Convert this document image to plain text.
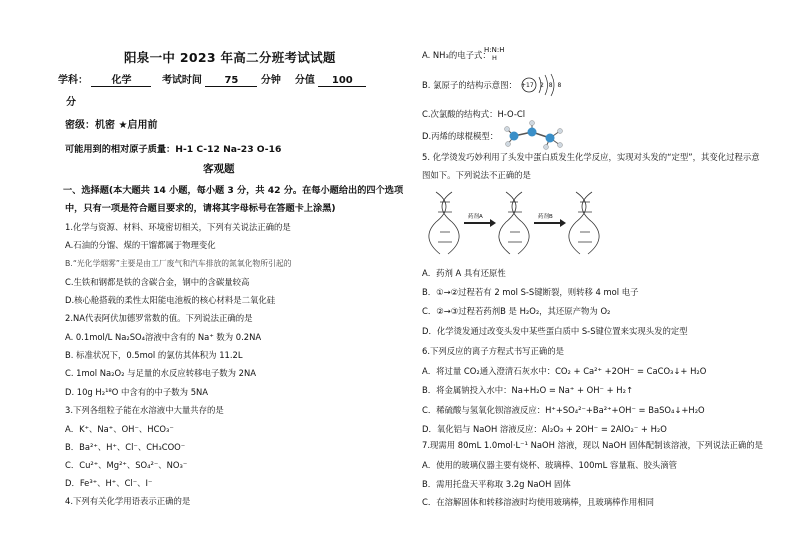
阳泉一中 2023 年高二分班考试试题
学科： 化学	考试时间 75 分钟 分值 100
分
密级：机密 ★启用前
可能用到的相对原子质量：H-1 C-12 Na-23 O-16
客观题
一、选择题(本大题共 14 小题，每小题 3 分，共 42 分。在每小题给出的四个选项
中，只有一项是符合题目要求的，请将其字母标号在答题卡上涂黑)
1.化学与资源、材料、环境密切相关，下列有关说法正确的是
A.石油的分馏、煤的干馏都属于物理变化
B.“光化学烟雾”主要是由工厂废气和汽车排放的氮氧化物所引起的
C.生铁和钢都是铁的含碳合金，钢中的含碳量较高
D.核心舱搭载的柔性太阳能电池板的核心材料是二氧化硅
2.NA代表阿伏加德罗常数的值。下列说法正确的是
A. 0.1mol/L Na₂SO₄溶液中含有的 Na⁺ 数为 0.2NA
B. 标准状况下，0.5mol 的氯仿其体积为 11.2L
C. 1mol Na₂O₂ 与足量的水反应转移电子数为 2NA
D. 10g H₂¹⁸O 中含有的中子数为 5NA
3.下列各组粒子能在水溶液中大量共存的是
A．K⁺、Na⁺、OH⁻、HCO₃⁻
B．Ba²⁺、H⁺、Cl⁻、CH₃COO⁻
C．Cu²⁺、Mg²⁺、SO₄²⁻、NO₃⁻
D．Fe³⁺、H⁺、Cl⁻、I⁻
4.下列有关化学用语表示正确的是
A. NH₃的电子式：
H:N:H
H
B. 氯原子的结构示意图： +17 2 8 8
C.次氯酸的结构式：H-O-Cl
D.丙烯的球棍模型：
5. 化学烫发巧妙利用了头发中蛋白质发生化学反应，实现对头发的“定型”，其变化过程示意
图如下。下列说法不正确的是
药剂A	药剂B
A．药剂 A 具有还原性
B．①→②过程若有 2 mol S-S键断裂，则转移 4 mol 电子
C．②→③过程若药剂B 是 H₂O₂，其还原产物为 O₂
D．化学烫发通过改变头发中某些蛋白质中 S-S键位置来实现头发的定型
6.下列反应的离子方程式书写正确的是
A．将过量 CO₂通入澄清石灰水中：CO₂ + Ca²⁺ +2OH⁻ = CaCO₃↓+ H₂O
B．将金属钠投入水中：Na+H₂O = Na⁺ + OH⁻ + H₂↑
C．稀硫酸与氢氧化钡溶液反应：H⁺+SO₄²⁻+Ba²⁺+OH⁻ = BaSO₄↓+H₂O
D．氧化铝与 NaOH 溶液反应：Al₂O₃ + 2OH⁻ = 2AlO₂⁻ + H₂O
7.现需用 80mL 1.0mol·L⁻¹ NaOH 溶液，现以 NaOH 固体配制该溶液，下列说法正确的是
A．使用的玻璃仪器主要有烧杯、玻璃棒、100mL 容量瓶、胶头滴管
B．需用托盘天平称取 3.2g NaOH 固体
C．在溶解固体和转移溶液时均使用玻璃棒，且玻璃棒作用相同
